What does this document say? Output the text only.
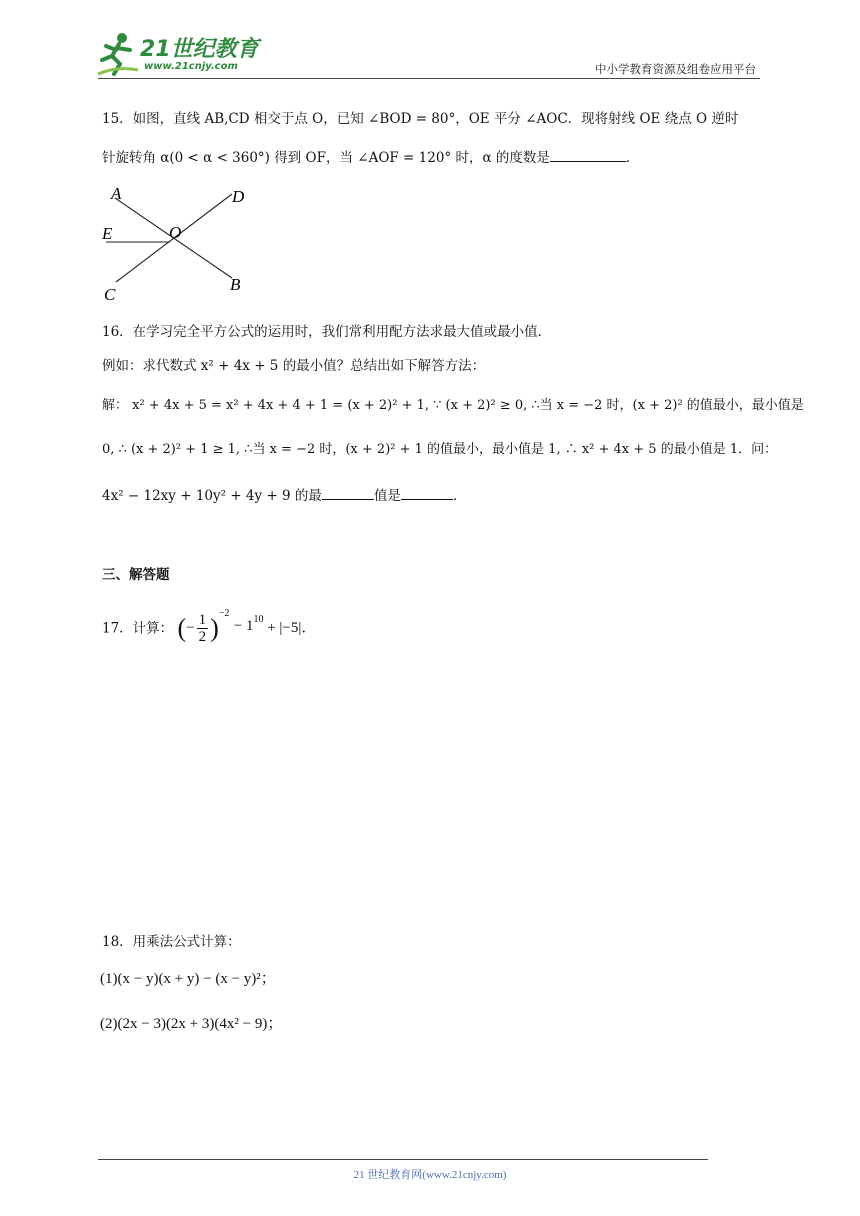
21世纪教育
www.21cnjy.com	中小学教育资源及组卷应用平台
15．如图，直线 AB,CD 相交于点 O，已知 ∠BOD = 80°，OE 平分 ∠AOC．现将射线 OE 绕点 O 逆时
针旋转角 α(0 < α < 360°) 得到 OF，当 ∠AOF = 120° 时，α 的度数是	．
A	D
E	O
C
B
16．在学习完全平方公式的运用时，我们常利用配方法求最大值或最小值．
例如：求代数式 x² + 4x + 5 的最小值？总结出如下解答方法：
解： x² + 4x + 5 = x² + 4x + 4 + 1 = (x + 2)² + 1, ∵ (x + 2)² ≥ 0, ∴当 x = −2 时，(x + 2)² 的值最小，最小值是
0, ∴ (x + 2)² + 1 ≥ 1, ∴当 x = −2 时，(x + 2)² + 1 的值最小，最小值是 1, ∴ x² + 4x + 5 的最小值是 1．问：
4x² − 12xy + 10y² + 4y + 9 的最	值是	．
三、解答题
17．计算： (− $\frac{1}{2} )^{-2} - 1^{10} + |-5|$．
18．用乘法公式计算：
(1)(x − y)(x + y) − (x − y)²；
(2)(2x − 3)(2x + 3)(4x² − 9)；
21 世纪教育网(www.21cnjy.com)
